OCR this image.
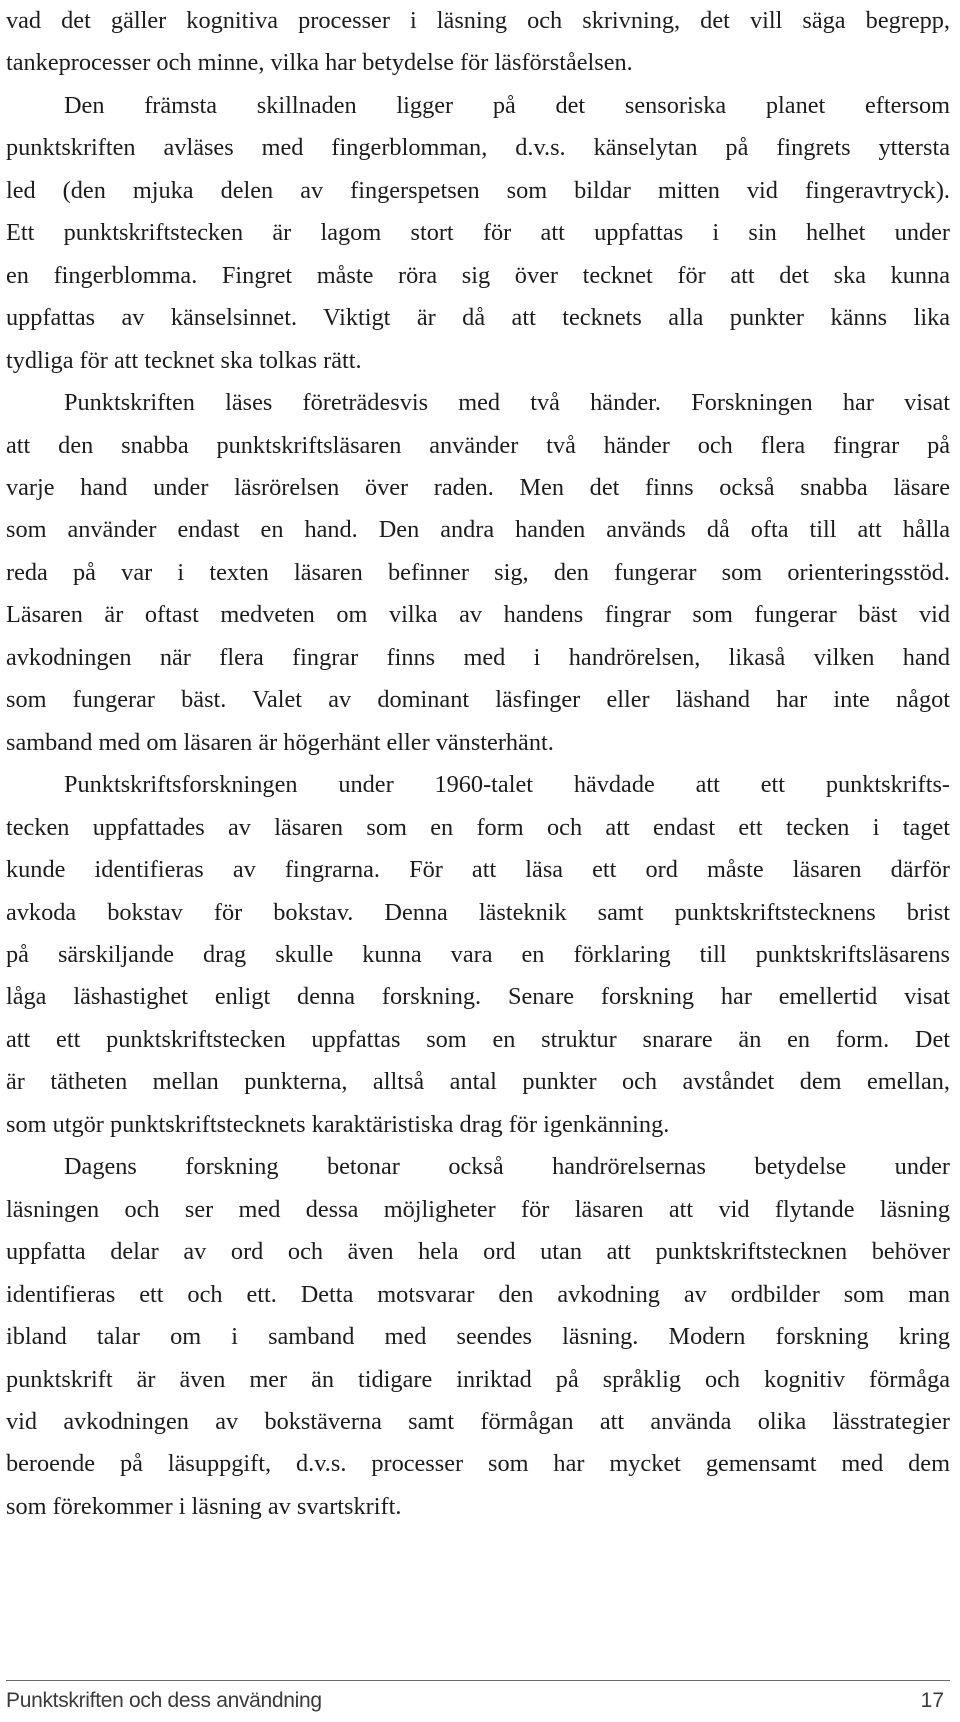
vad det gäller kognitiva processer i läsning och skrivning, det vill säga begrepp,
tankeprocesser och minne, vilka har betydelse för läsförståelsen.
Den främsta skillnaden ligger på det sensoriska planet eftersom
punktskriften avläses med fingerblomman, d.v.s. känselytan på fingrets yttersta
led (den mjuka delen av fingerspetsen som bildar mitten vid fingeravtryck).
Ett punktskriftstecken är lagom stort för att uppfattas i sin helhet under
en fingerblomma. Fingret måste röra sig över tecknet för att det ska kunna
uppfattas av känselsinnet. Viktigt är då att tecknets alla punkter känns lika
tydliga för att tecknet ska tolkas rätt.
Punktskriften läses företrädesvis med två händer. Forskningen har visat
att den snabba punktskriftsläsaren använder två händer och flera fingrar på
varje hand under läsrörelsen över raden. Men det finns också snabba läsare
som använder endast en hand. Den andra handen används då ofta till att hålla
reda på var i texten läsaren befinner sig, den fungerar som orienteringsstöd.
Läsaren är oftast medveten om vilka av handens fingrar som fungerar bäst vid
avkodningen när flera fingrar finns med i handrörelsen, likaså vilken hand
som fungerar bäst. Valet av dominant läsfinger eller läshand har inte något
samband med om läsaren är högerhänt eller vänsterhänt.
Punktskriftsforskningen under 1960-talet hävdade att ett punktskrifts-
tecken uppfattades av läsaren som en form och att endast ett tecken i taget
kunde identifieras av fingrarna. För att läsa ett ord måste läsaren därför
avkoda bokstav för bokstav. Denna lästeknik samt punktskriftstecknens brist
på särskiljande drag skulle kunna vara en förklaring till punktskriftsläsarens
låga läshastighet enligt denna forskning. Senare forskning har emellertid visat
att ett punktskriftstecken uppfattas som en struktur snarare än en form. Det
är tätheten mellan punkterna, alltså antal punkter och avståndet dem emellan,
som utgör punktskriftstecknets karaktäristiska drag för igenkänning.
Dagens forskning betonar också handrörelsernas betydelse under
läsningen och ser med dessa möjligheter för läsaren att vid flytande läsning
uppfatta delar av ord och även hela ord utan att punktskriftstecknen behöver
identifieras ett och ett. Detta motsvarar den avkodning av ordbilder som man
ibland talar om i samband med seendes läsning. Modern forskning kring
punktskrift är även mer än tidigare inriktad på språklig och kognitiv förmåga
vid avkodningen av bokstäverna samt förmågan att använda olika lässtrategier
beroende på läsuppgift, d.v.s. processer som har mycket gemensamt med dem
som förekommer i läsning av svartskrift.
Punktskriften och dess användning	17
